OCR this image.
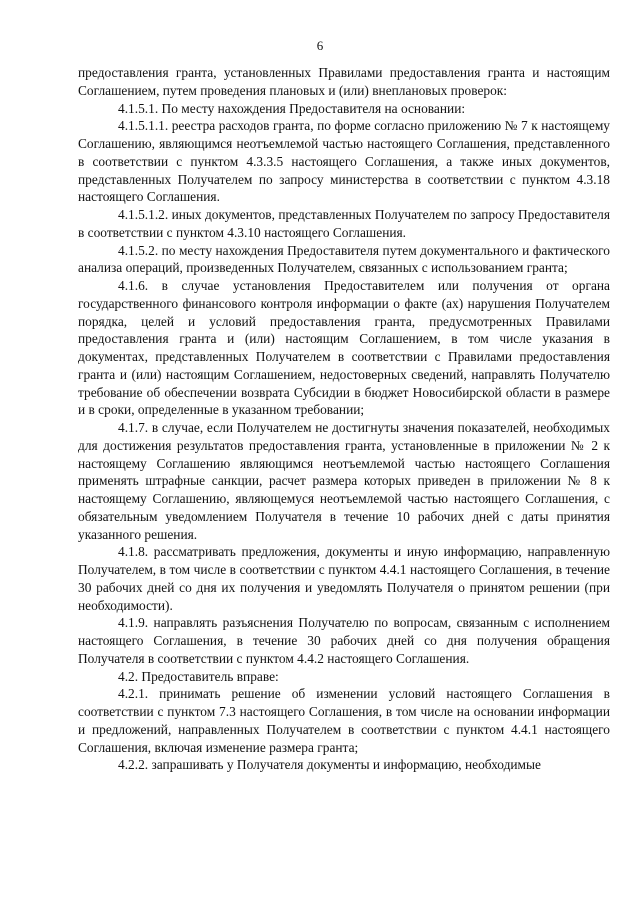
6

предоставления гранта, установленных Правилами предоставления гранта и настоящим Соглашением, путем проведения плановых и (или) внеплановых проверок:

4.1.5.1. По месту нахождения Предоставителя на основании:

4.1.5.1.1. реестра расходов гранта, по форме согласно приложению № 7 к настоящему Соглашению, являющимся неотъемлемой частью настоящего Соглашения, представленного в соответствии с пунктом 4.3.3.5 настоящего Соглашения, а также иных документов, представленных Получателем по запросу министерства в соответствии с пунктом 4.3.18 настоящего Соглашения.

4.1.5.1.2. иных документов, представленных Получателем по запросу Предоставителя в соответствии с пунктом 4.3.10 настоящего Соглашения.

4.1.5.2. по месту нахождения Предоставителя путем документального и фактического анализа операций, произведенных Получателем, связанных с использованием гранта;

4.1.6. в случае установления Предоставителем или получения от органа государственного финансового контроля информации о факте (ах) нарушения Получателем порядка, целей и условий предоставления гранта, предусмотренных Правилами предоставления гранта и (или) настоящим Соглашением, в том числе указания в документах, представленных Получателем в соответствии с Правилами предоставления гранта и (или) настоящим Соглашением, недостоверных сведений, направлять Получателю требование об обеспечении возврата Субсидии в бюджет Новосибирской области в размере и в сроки, определенные в указанном требовании;

4.1.7. в случае, если Получателем не достигнуты значения показателей, необходимых для достижения результатов предоставления гранта, установленные в приложении № 2 к настоящему Соглашению являющимся неотъемлемой частью настоящего Соглашения применять штрафные санкции, расчет размера которых приведен в приложении № 8 к настоящему Соглашению, являющемуся неотъемлемой частью настоящего Соглашения, с обязательным уведомлением Получателя в течение 10 рабочих дней с даты принятия указанного решения.

4.1.8. рассматривать предложения, документы и иную информацию, направленную Получателем, в том числе в соответствии с пунктом 4.4.1 настоящего Соглашения, в течение 30 рабочих дней со дня их получения и уведомлять Получателя о принятом решении (при необходимости).

4.1.9. направлять разъяснения Получателю по вопросам, связанным с исполнением настоящего Соглашения, в течение 30 рабочих дней со дня получения обращения Получателя в соответствии с пунктом 4.4.2 настоящего Соглашения.

4.2. Предоставитель вправе:

4.2.1. принимать решение об изменении условий настоящего Соглашения в соответствии с пунктом 7.3 настоящего Соглашения, в том числе на основании информации и предложений, направленных Получателем в соответствии с пунктом 4.4.1 настоящего Соглашения, включая изменение размера гранта;

4.2.2. запрашивать у Получателя документы и информацию, необходимые
